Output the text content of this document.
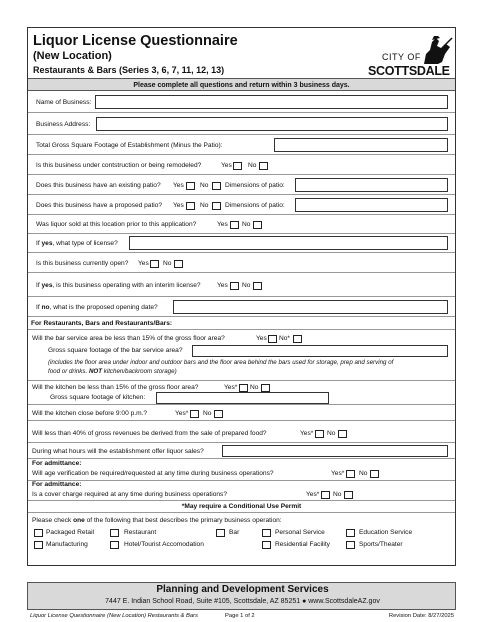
Liquor License Questionnaire
(New Location)
Restaurants & Bars (Series 3, 6, 7, 11, 12, 13)
CITY OF
SCOTTSDALE
Please complete all questions and return within 3 business days.
Name of Business:
Business Address:
Total Gross Square Footage of Establishment (Minus the Patio):
Is this business under contstruction or being remodeled?	Yes No
Does this business have an existing patio? Yes No	Dimensions of patio:
Does this business have a proposed patio? Yes No	Dimensions of patio:
Was liquor sold at this location prior to this application?	Yes No
If yes, what type of license?
Is this business currently open? Yes No
If yes, is this business operating with an interim license? Yes No
If no, what is the proposed opening date?
For Restaurants, Bars and Restaurants/Bars:
Will the bar service area be less than 15% of the gross floor area?	Yes No*
Gross square footage of the bar service area?
(includes the floor area under indoor and outdoor bars and the floor area behind the bars used for storage, prep and serving of
food or drinks. NOT kitchen/backroom storage)
Will the kitchen be less than 15% of the gross floor area?	Yes* No
Gross square footage of kitchen:
Will the kitchen close before 9:00 p.m.?	Yes* No
Will less than 40% of gross revenues be derived from the sale of prepared food?	Yes* No
During what hours will the establishment offer liquor sales?
For admittance:
Will age verification be required/requested at any time during business operations?	Yes* No
For admittance:
Is a cover charge required at any time during business operations?	Yes* No
*May require a Conditional Use Permit
Please check one of the following that best describes the primary business operation:
Packaged Retail	Restaurant	Bar	Personal Service	Education Service
Manufacturing	Hotel/Tourist Accomodation	Residential Facility	Sports/Theater
Planning and Development Services
7447 E. Indian School Road, Suite #105, Scottsdale, AZ 85251 ● www.ScottsdaleAZ.gov
Liquor License Questionnaire (New Location) Restaurants & Bars	Page 1 of 2	Revision Date: 8/27/2025
